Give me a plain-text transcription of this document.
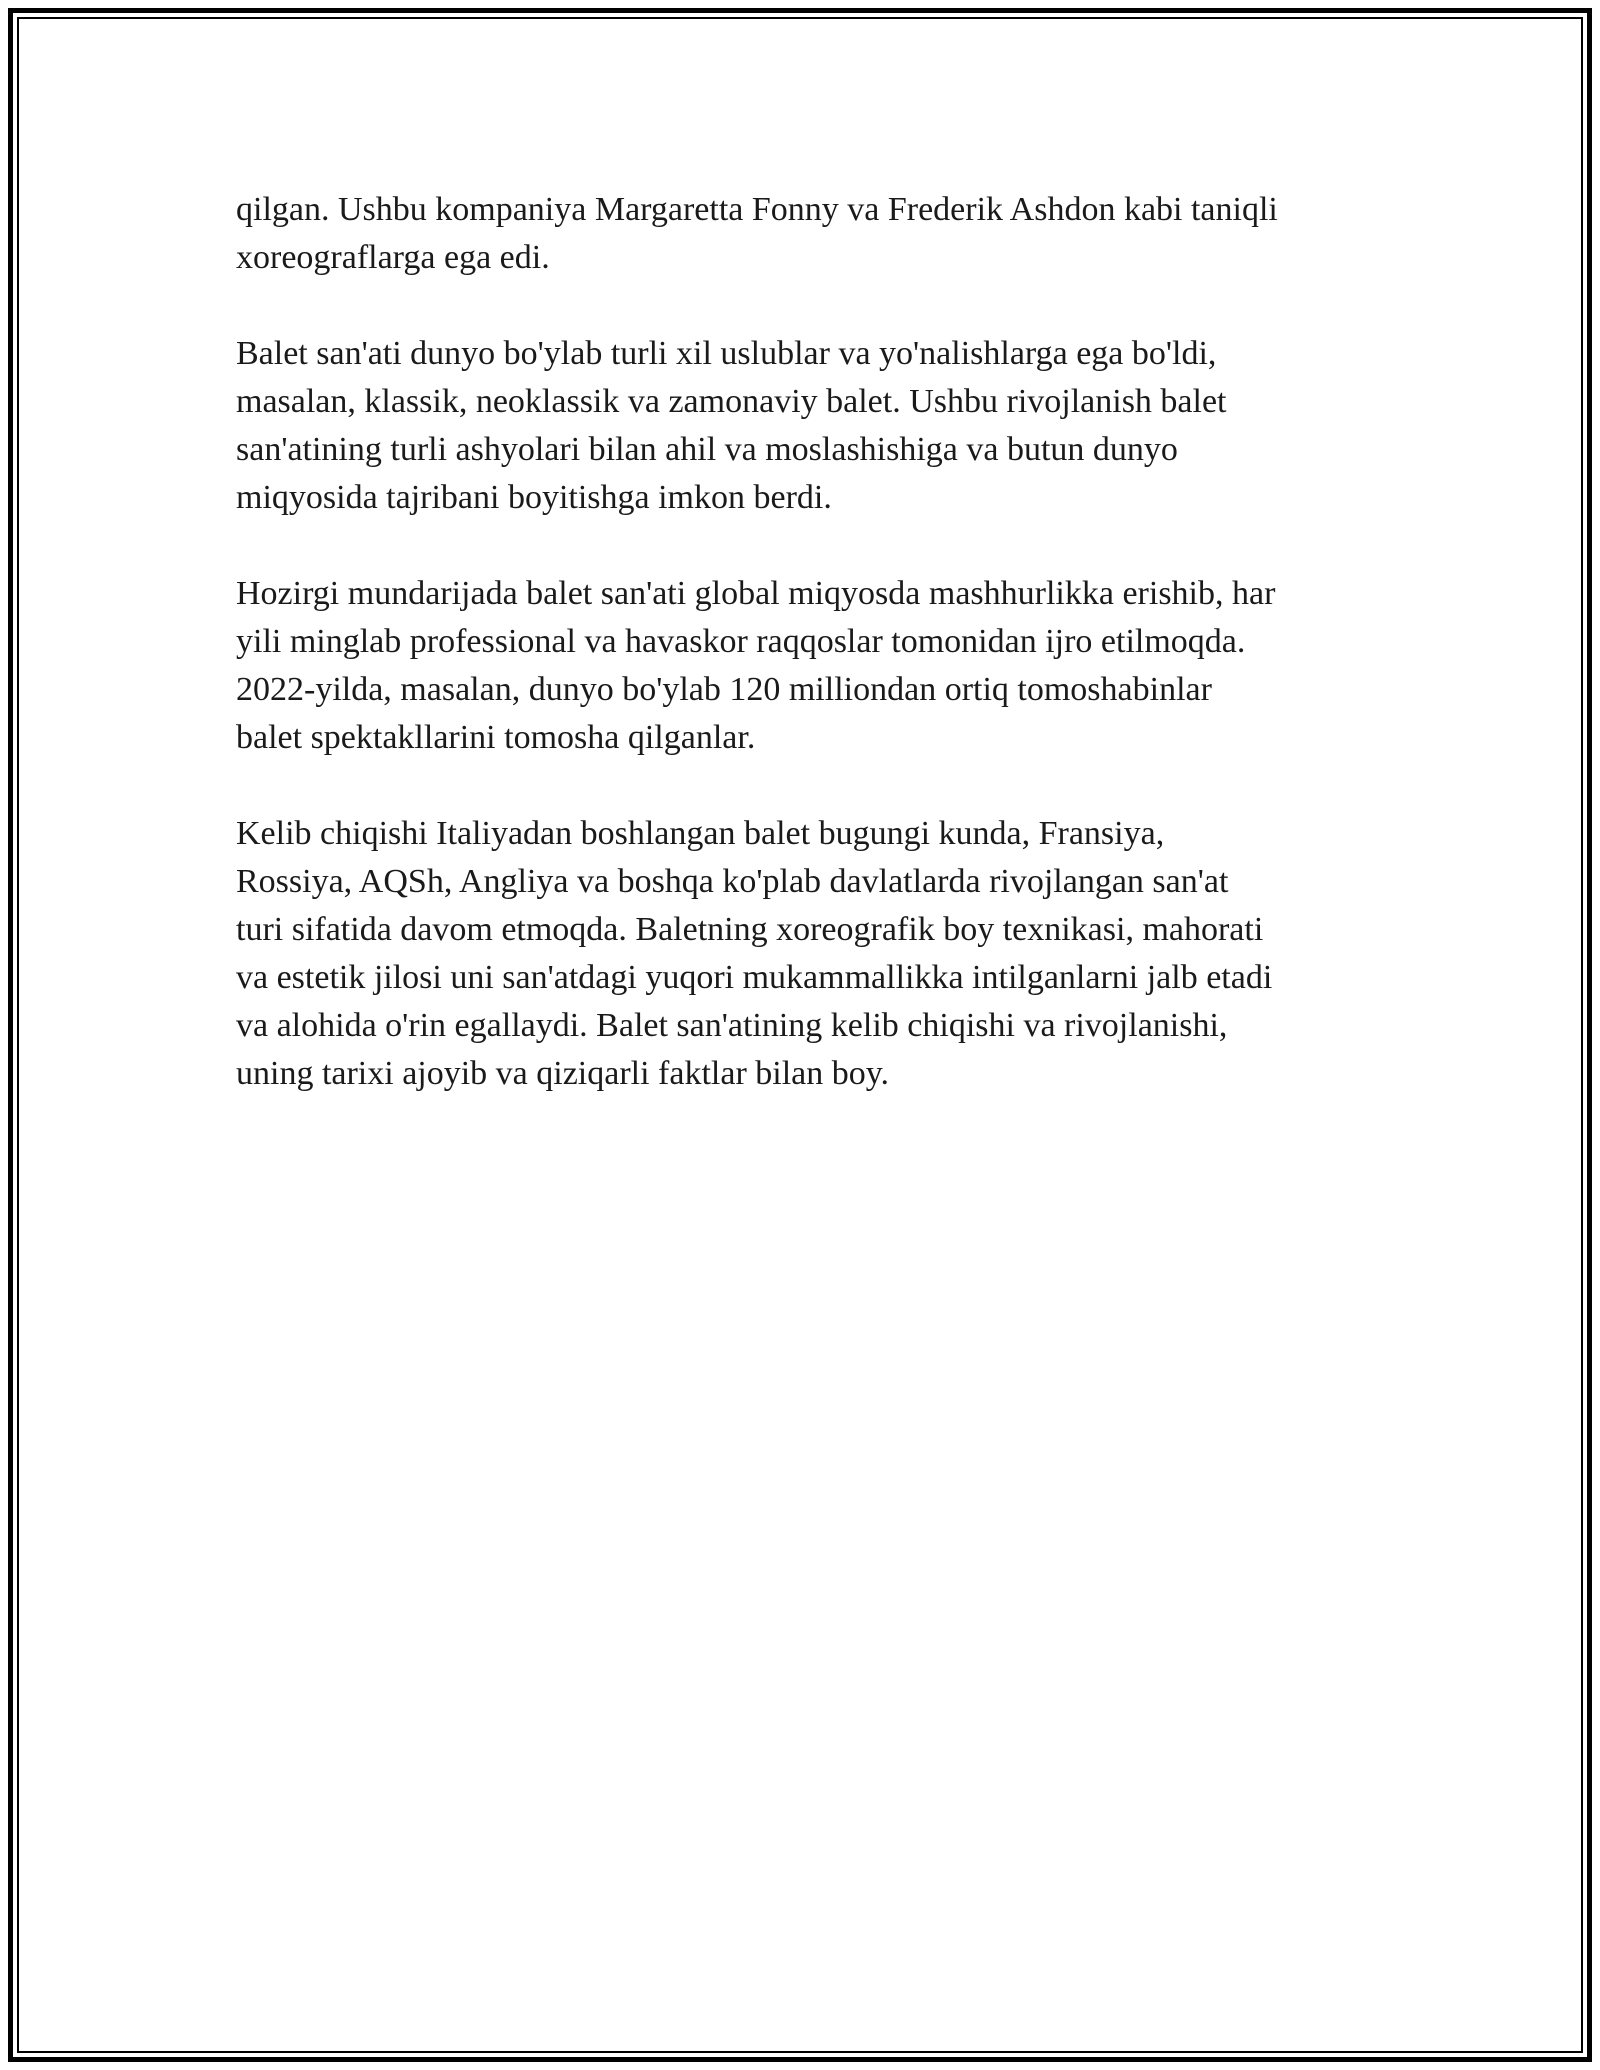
qilgan. Ushbu kompaniya Margaretta Fonny va Frederik Ashdon kabi taniqli
xoreograflarga ega edi.

Balet san'ati dunyo bo'ylab turli xil uslublar va yo'nalishlarga ega bo'ldi,
masalan, klassik, neoklassik va zamonaviy balet. Ushbu rivojlanish balet
san'atining turli ashyolari bilan ahil va moslashishiga va butun dunyo
miqyosida tajribani boyitishga imkon berdi.

Hozirgi mundarijada balet san'ati global miqyosda mashhurlikka erishib, har
yili minglab professional va havaskor raqqoslar tomonidan ijro etilmoqda.
2022-yilda, masalan, dunyo bo'ylab 120 milliondan ortiq tomoshabinlar
balet spektakllarini tomosha qilganlar.

Kelib chiqishi Italiyadan boshlangan balet bugungi kunda, Fransiya,
Rossiya, AQSh, Angliya va boshqa ko'plab davlatlarda rivojlangan san'at
turi sifatida davom etmoqda. Baletning xoreografik boy texnikasi, mahorati
va estetik jilosi uni san'atdagi yuqori mukammallikka intilganlarni jalb etadi
va alohida o'rin egallaydi. Balet san'atining kelib chiqishi va rivojlanishi,
uning tarixi ajoyib va qiziqarli faktlar bilan boy.
